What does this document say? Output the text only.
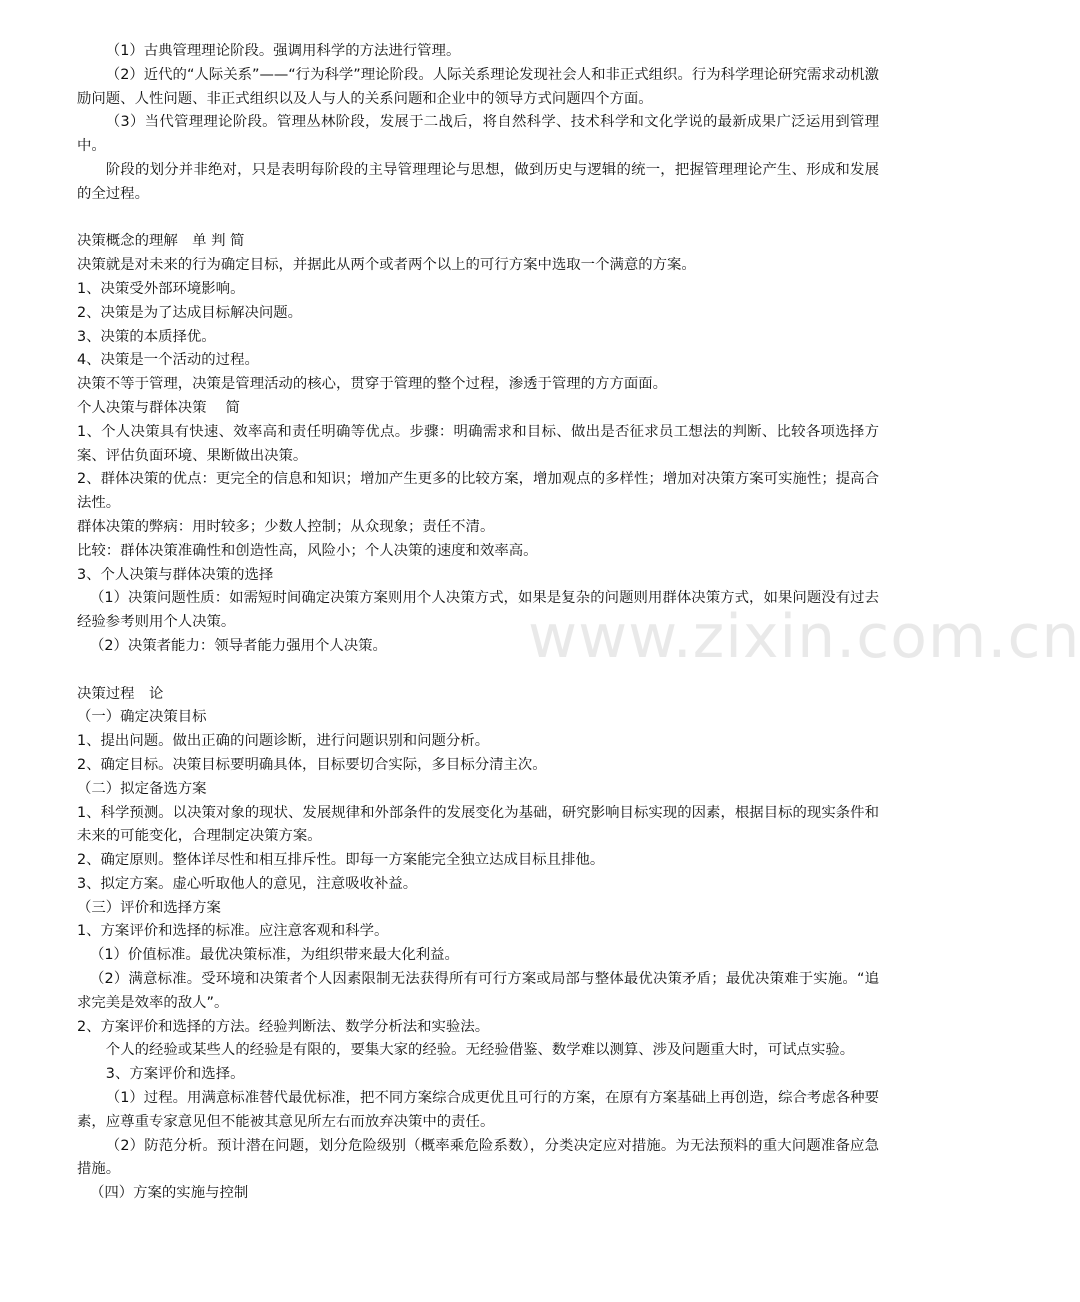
（1）古典管理理论阶段。强调用科学的方法进行管理。

（2）近代的“人际关系”——“行为科学”理论阶段。人际关系理论发现社会人和非正式组织。行为科学理论研究需求动机激励问题、人性问题、非正式组织以及人与人的关系问题和企业中的领导方式问题四个方面。

（3）当代管理理论阶段。管理丛林阶段，发展于二战后，将自然科学、技术科学和文化学说的最新成果广泛运用到管理中。

阶段的划分并非绝对，只是表明每阶段的主导管理理论与思想，做到历史与逻辑的统一，把握管理理论产生、形成和发展的全过程。

决策概念的理解　单 判 简

决策就是对未来的行为确定目标，并据此从两个或者两个以上的可行方案中选取一个满意的方案。

1、决策受外部环境影响。

2、决策是为了达成目标解决问题。

3、决策的本质择优。

4、决策是一个活动的过程。

决策不等于管理，决策是管理活动的核心，贯穿于管理的整个过程，渗透于管理的方方面面。

个人决策与群体决策　 简

1、个人决策具有快速、效率高和责任明确等优点。步骤：明确需求和目标、做出是否征求员工想法的判断、比较各项选择方案、评估负面环境、果断做出决策。

2、群体决策的优点：更完全的信息和知识；增加产生更多的比较方案，增加观点的多样性；增加对决策方案可实施性；提高合法性。

群体决策的弊病：用时较多；少数人控制；从众现象；责任不清。

比较：群体决策准确性和创造性高，风险小；个人决策的速度和效率高。

3、个人决策与群体决策的选择

（1）决策问题性质：如需短时间确定决策方案则用个人决策方式，如果是复杂的问题则用群体决策方式，如果问题没有过去经验参考则用个人决策。

（2）决策者能力：领导者能力强用个人决策。

决策过程　论

（一）确定决策目标

1、提出问题。做出正确的问题诊断，进行问题识别和问题分析。

2、确定目标。决策目标要明确具体，目标要切合实际，多目标分清主次。

（二）拟定备选方案

1、科学预测。以决策对象的现状、发展规律和外部条件的发展变化为基础，研究影响目标实现的因素，根据目标的现实条件和未来的可能变化，合理制定决策方案。

2、确定原则。整体详尽性和相互排斥性。即每一方案能完全独立达成目标且排他。

3、拟定方案。虚心听取他人的意见，注意吸收补益。

（三）评价和选择方案

1、方案评价和选择的标准。应注意客观和科学。

（1）价值标准。最优决策标准，为组织带来最大化利益。

（2）满意标准。受环境和决策者个人因素限制无法获得所有可行方案或局部与整体最优决策矛盾；最优决策难于实施。“追求完美是效率的敌人”。

2、方案评价和选择的方法。经验判断法、数学分析法和实验法。

个人的经验或某些人的经验是有限的，要集大家的经验。无经验借鉴、数学难以测算、涉及问题重大时，可试点实验。

3、方案评价和选择。

（1）过程。用满意标准替代最优标准，把不同方案综合成更优且可行的方案，在原有方案基础上再创造，综合考虑各种要素，应尊重专家意见但不能被其意见所左右而放弃决策中的责任。

（2）防范分析。预计潜在问题，划分危险级别（概率乘危险系数），分类决定应对措施。为无法预料的重大问题准备应急措施。

（四）方案的实施与控制

www.zixin.com.cn
